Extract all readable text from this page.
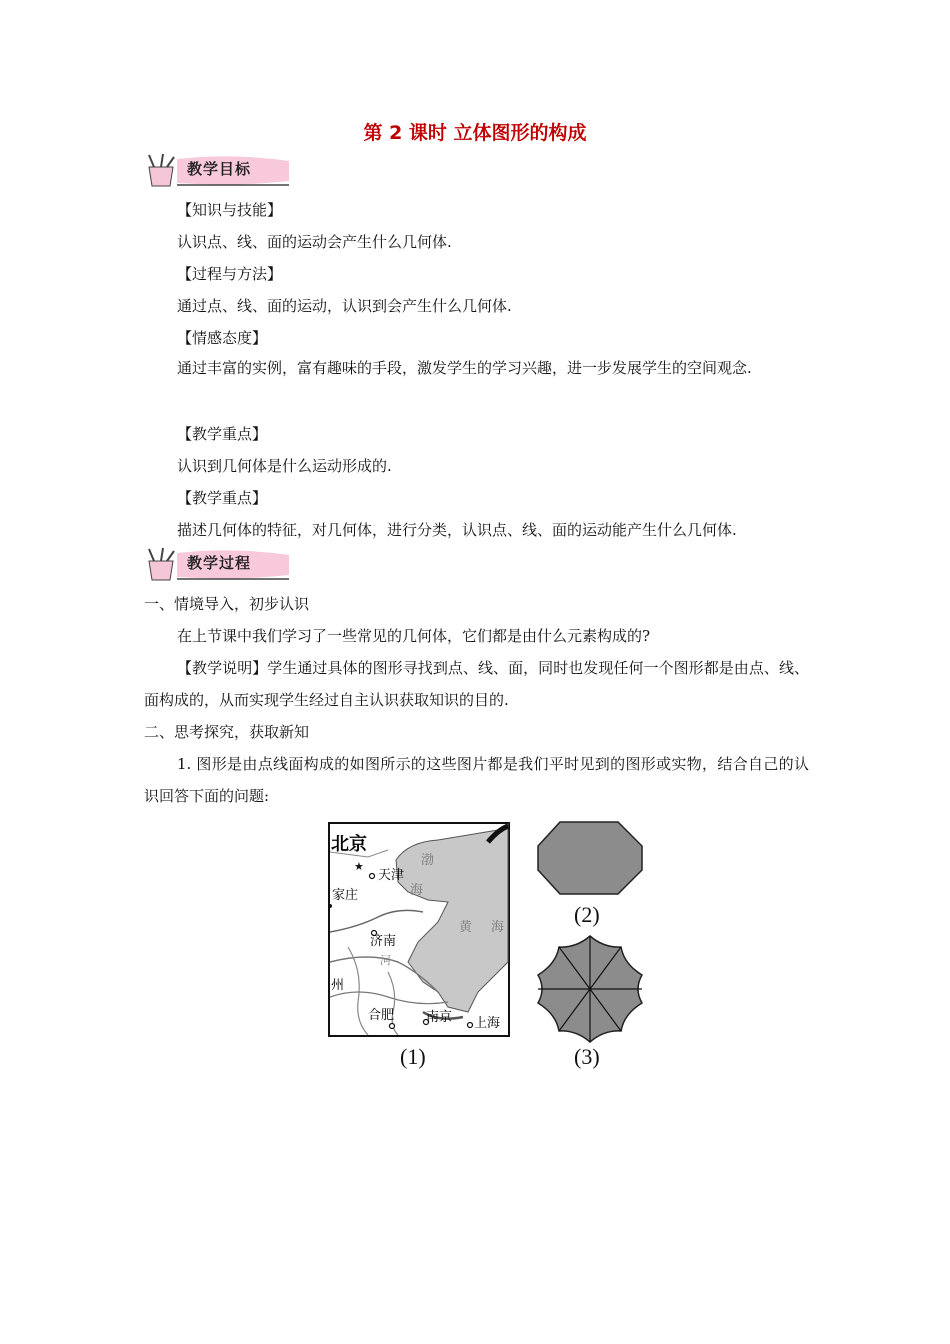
第 2 课时 立体图形的构成
教学目标
【知识与技能】
认识点、线、面的运动会产生什么几何体.
【过程与方法】
通过点、线、面的运动，认识到会产生什么几何体.
【情感态度】
通过丰富的实例，富有趣味的手段，激发学生的学习兴趣，进一步发展学生的空间观念.
【教学重点】
认识到几何体是什么运动形成的.
【教学重点】
描述几何体的特征，对几何体，进行分类，认识点、线、面的运动能产生什么几何体.
教学过程
一、情境导入，初步认识
在上节课中我们学习了一些常见的几何体，它们都是由什么元素构成的?
【教学说明】学生通过具体的图形寻找到点、线、面，同时也发现任何一个图形都是由点、线、面构成的，从而实现学生经过自主认识获取知识的目的.
二、思考探究，获取新知
1. 图形是由点线面构成的如图所示的这些图片都是我们平时见到的图形或实物，结合自己的认识回答下面的问题:
★
北京
天津
家庄
济南
合肥 南京 上海
渤
海
黄 海
河
州
(1)
(2)
(3)
